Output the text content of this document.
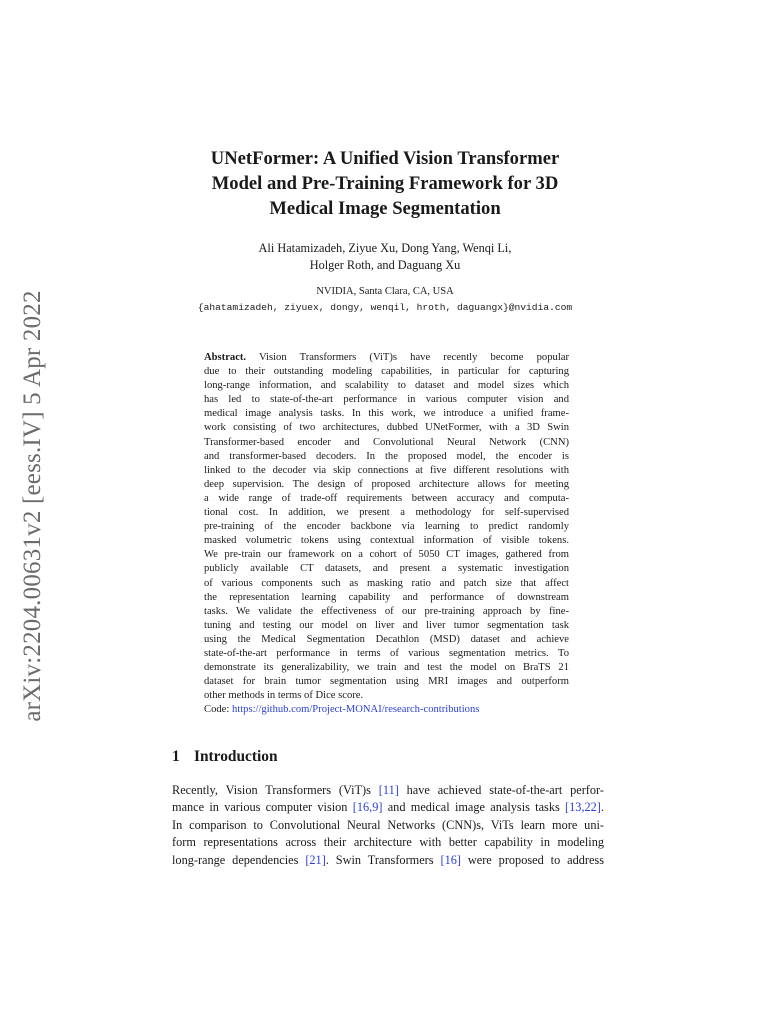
arXiv:2204.00631v2 [eess.IV] 5 Apr 2022
UNetFormer: A Unified Vision Transformer
Model and Pre-Training Framework for 3D
Medical Image Segmentation
Ali Hatamizadeh, Ziyue Xu, Dong Yang, Wenqi Li,
Holger Roth, and Daguang Xu
NVIDIA, Santa Clara, CA, USA
{ahatamizadeh, ziyuex, dongy, wenqil, hroth, daguangx}@nvidia.com
Abstract. Vision Transformers (ViT)s have recently become popular
due to their outstanding modeling capabilities, in particular for capturing
long-range information, and scalability to dataset and model sizes which
has led to state-of-the-art performance in various computer vision and
medical image analysis tasks. In this work, we introduce a unified frame-
work consisting of two architectures, dubbed UNetFormer, with a 3D Swin
Transformer-based encoder and Convolutional Neural Network (CNN)
and transformer-based decoders. In the proposed model, the encoder is
linked to the decoder via skip connections at five different resolutions with
deep supervision. The design of proposed architecture allows for meeting
a wide range of trade-off requirements between accuracy and computa-
tional cost. In addition, we present a methodology for self-supervised
pre-training of the encoder backbone via learning to predict randomly
masked volumetric tokens using contextual information of visible tokens.
We pre-train our framework on a cohort of 5050 CT images, gathered from
publicly available CT datasets, and present a systematic investigation
of various components such as masking ratio and patch size that affect
the representation learning capability and performance of downstream
tasks. We validate the effectiveness of our pre-training approach by fine-
tuning and testing our model on liver and liver tumor segmentation task
using the Medical Segmentation Decathlon (MSD) dataset and achieve
state-of-the-art performance in terms of various segmentation metrics. To
demonstrate its generalizability, we train and test the model on BraTS 21
dataset for brain tumor segmentation using MRI images and outperform
other methods in terms of Dice score.
Code: https://github.com/Project-MONAI/research-contributions
1 Introduction
Recently, Vision Transformers (ViT)s [11] have achieved state-of-the-art perfor-
mance in various computer vision [16,9] and medical image analysis tasks [13,22].
In comparison to Convolutional Neural Networks (CNN)s, ViTs learn more uni-
form representations across their architecture with better capability in modeling
long-range dependencies [21]. Swin Transformers [16] were proposed to address
